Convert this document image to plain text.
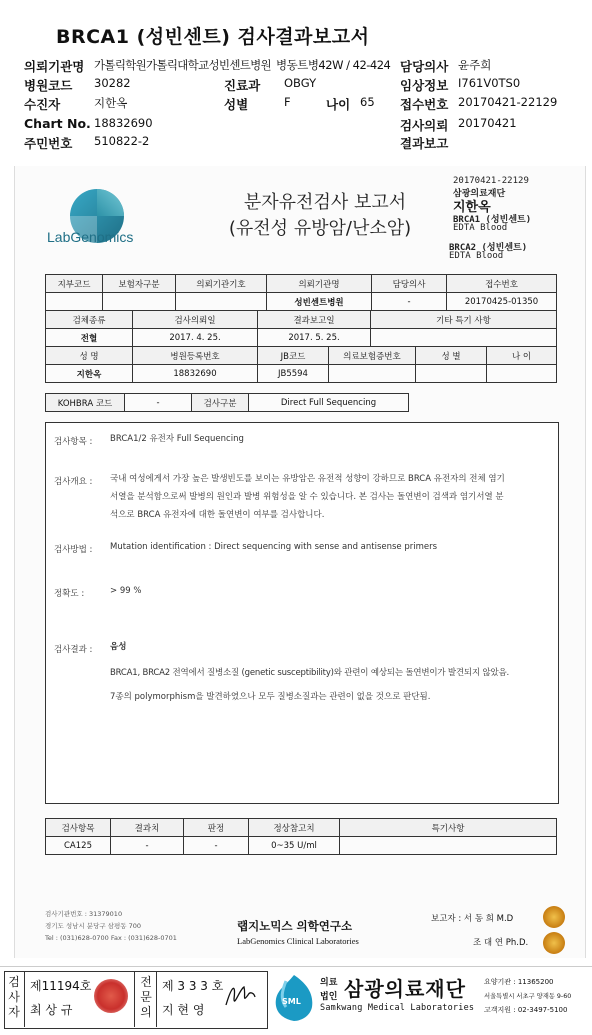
BRCA1 (성빈센트) 검사결과보고서
의뢰기관명 가톨릭학원가톨릭대학교성빈센트병원 병동트병42W / 42-424 담당의사 윤주희
병원코드 30282	진료과 OBGY	임상정보 I761V0TS0
수진자	지한옥	성별	F	나이 65 접수번호 20170421-22129
Chart No. 18832690	검사의뢰 20170421
주민번호 510822-2	결과보고
LabGenomics
분자유전검사 보고서
(유전성 유방암/난소암)
20170421-22129
삼광의료재단
지한옥
BRCA1 (성빈센트)
EDTA Blood
BRCA2 (성빈센트)
EDTA Blood
지부코드	보험자구분	의뢰기관기호	의뢰기관명	담당의사	접수번호
			성빈센트병원	-	20170425-01350
검체종류	검사의뢰일	결과보고일	기타 특기 사항
전혈	2017. 4. 25.	2017. 5. 25.	
성 명	병원등록번호	JB코드	의료보험증번호	성 별	나 이
지한옥	18832690	JB5594			
KOHBRA 코드	-	검사구분	Direct Full Sequencing
검사항목 : BRCA1/2 유전자 Full Sequencing
검사개요 : 국내 여성에게서 가장 높은 발생빈도를 보이는 유방암은 유전적 성향이 강하므로 BRCA 유전자의 전체 염기
서열을 분석함으로써 발병의 원인과 발병 위험성을 알 수 있습니다. 본 검사는 돌연변이 검색과 염기서열 분
석으로 BRCA 유전자에 대한 돌연변이 여부를 검사합니다.
검사방법 : Mutation identification : Direct sequencing with sense and antisense primers
정확도 :	> 99 %
검사결과 : 음성
BRCA1, BRCA2 전역에서 질병소질 (genetic susceptibility)와 관련이 예상되는 돌연변이가 발견되지 않았음.
7종의 polymorphism을 발견하였으나 모두 질병소질과는 관련이 없을 것으로 판단됨.
검사항목	결과치	판정	정상참고치	특기사항
CA125	-	-	0~35 U/ml	
검사기관번호 : 31379010
경기도 성남시 분당구 삼평동 700
Tel : (031)628-0700 Fax : (031)628-0701
랩지노믹스 의학연구소
LabGenomics Clinical Laboratories
보고자 : 서 동 희 M.D
조 대 연 Ph.D.
검사자
제11194호
최 상 규
전문의
제 3 3 3 호
지 현 영
SML
의료
법인 삼광의료재단
Samkwang Medical Laboratories
요양기관 : 11365200
서울특별시 서초구 양재동 9-60
고객지원 : 02-3497-5100
